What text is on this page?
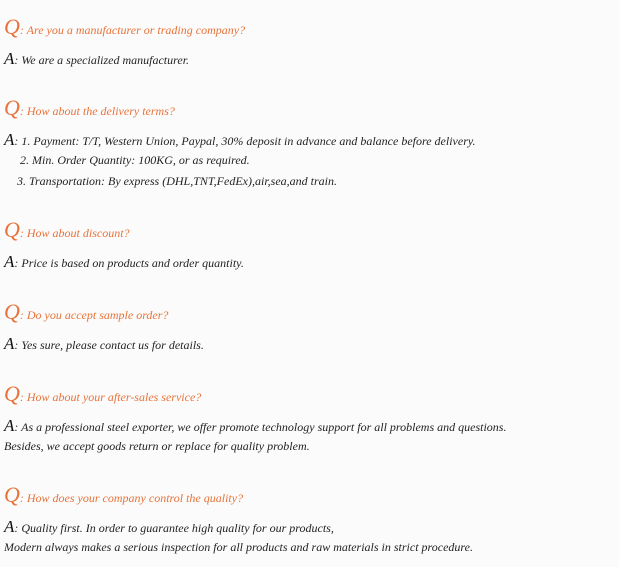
Q: Are you a manufacturer or trading company?
A: We are a specialized manufacturer.
Q: How about the delivery terms?
A: 1. Payment: T/T, Western Union, Paypal, 30% deposit in advance and balance before delivery.
2. Min. Order Quantity: 100KG, or as required.
3. Transportation: By express (DHL,TNT,FedEx),air,sea,and train.
Q: How about discount?
A: Price is based on products and order quantity.
Q: Do you accept sample order?
A: Yes sure, please contact us for details.
Q: How about your after-sales service?
A: As a professional steel exporter, we offer promote technology support for all problems and questions.
Besides, we accept goods return or replace for quality problem.
Q: How does your company control the quality?
A: Quality first. In order to guarantee high quality for our products,
Modern always makes a serious inspection for all products and raw materials in strict procedure.
